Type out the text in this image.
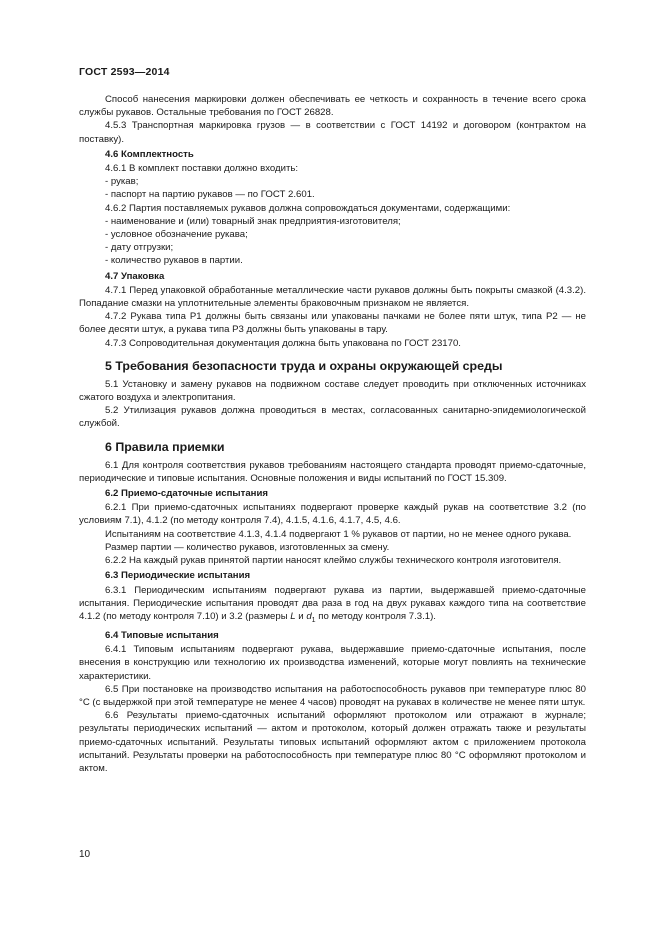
ГОСТ 2593—2014

Способ нанесения маркировки должен обеспечивать ее четкость и сохранность в течение всего срока службы рукавов. Остальные требования по ГОСТ 26828.

4.5.3 Транспортная маркировка грузов — в соответствии с ГОСТ 14192 и договором (контрактом на поставку).

4.6 Комплектность

4.6.1 В комплект поставки должно входить:

- рукав;

- паспорт на партию рукавов — по ГОСТ 2.601.

4.6.2 Партия поставляемых рукавов должна сопровождаться документами, содержащими:

- наименование и (или) товарный знак предприятия-изготовителя;

- условное обозначение рукава;

- дату отгрузки;

- количество рукавов в партии.

4.7 Упаковка

4.7.1 Перед упаковкой обработанные металлические части рукавов должны быть покрыты смазкой (4.3.2). Попадание смазки на уплотнительные элементы браковочным признаком не является.

4.7.2 Рукава типа Р1 должны быть связаны или упакованы пачками не более пяти штук, типа Р2 — не более десяти штук, а рукава типа Р3 должны быть упакованы в тару.

4.7.3 Сопроводительная документация должна быть упакована по ГОСТ 23170.

5 Требования безопасности труда и охраны окружающей среды

5.1 Установку и замену рукавов на подвижном составе следует проводить при отключенных источниках сжатого воздуха и электропитания.

5.2 Утилизация рукавов должна проводиться в местах, согласованных санитарно-эпидемиологической службой.

6 Правила приемки

6.1 Для контроля соответствия рукавов требованиям настоящего стандарта проводят приемо-сдаточные, периодические и типовые испытания. Основные положения и виды испытаний по ГОСТ 15.309.

6.2 Приемо-сдаточные испытания

6.2.1 При приемо-сдаточных испытаниях подвергают проверке каждый рукав на соответствие 3.2 (по условиям 7.1), 4.1.2 (по методу контроля 7.4), 4.1.5, 4.1.6, 4.1.7, 4.5, 4.6.

Испытаниям на соответствие 4.1.3, 4.1.4 подвергают 1 % рукавов от партии, но не менее одного рукава.

Размер партии — количество рукавов, изготовленных за смену.

6.2.2 На каждый рукав принятой партии наносят клеймо службы технического контроля изготовителя.

6.3 Периодические испытания

6.3.1 Периодическим испытаниям подвергают рукава из партии, выдержавшей приемо-сдаточные испытания. Периодические испытания проводят два раза в год на двух рукавах каждого типа на соответствие 4.1.2 (по методу контроля 7.10) и 3.2 (размеры L и $d_1$ по методу контроля 7.3.1).

6.4 Типовые испытания

6.4.1 Типовым испытаниям подвергают рукава, выдержавшие приемо-сдаточные испытания, после внесения в конструкцию или технологию их производства изменений, которые могут повлиять на технические характеристики.

6.5 При постановке на производство испытания на работоспособность рукавов при температуре плюс 80 °С (с выдержкой при этой температуре не менее 4 часов) проводят на рукавах в количестве не менее пяти штук.

6.6 Результаты приемо-сдаточных испытаний оформляют протоколом или отражают в журнале; результаты периодических испытаний — актом и протоколом, который должен отражать также и результаты приемо-сдаточных испытаний. Результаты типовых испытаний оформляют актом с приложением протокола испытаний. Результаты проверки на работоспособность при температуре плюс 80 °С оформляют протоколом и актом.

10
